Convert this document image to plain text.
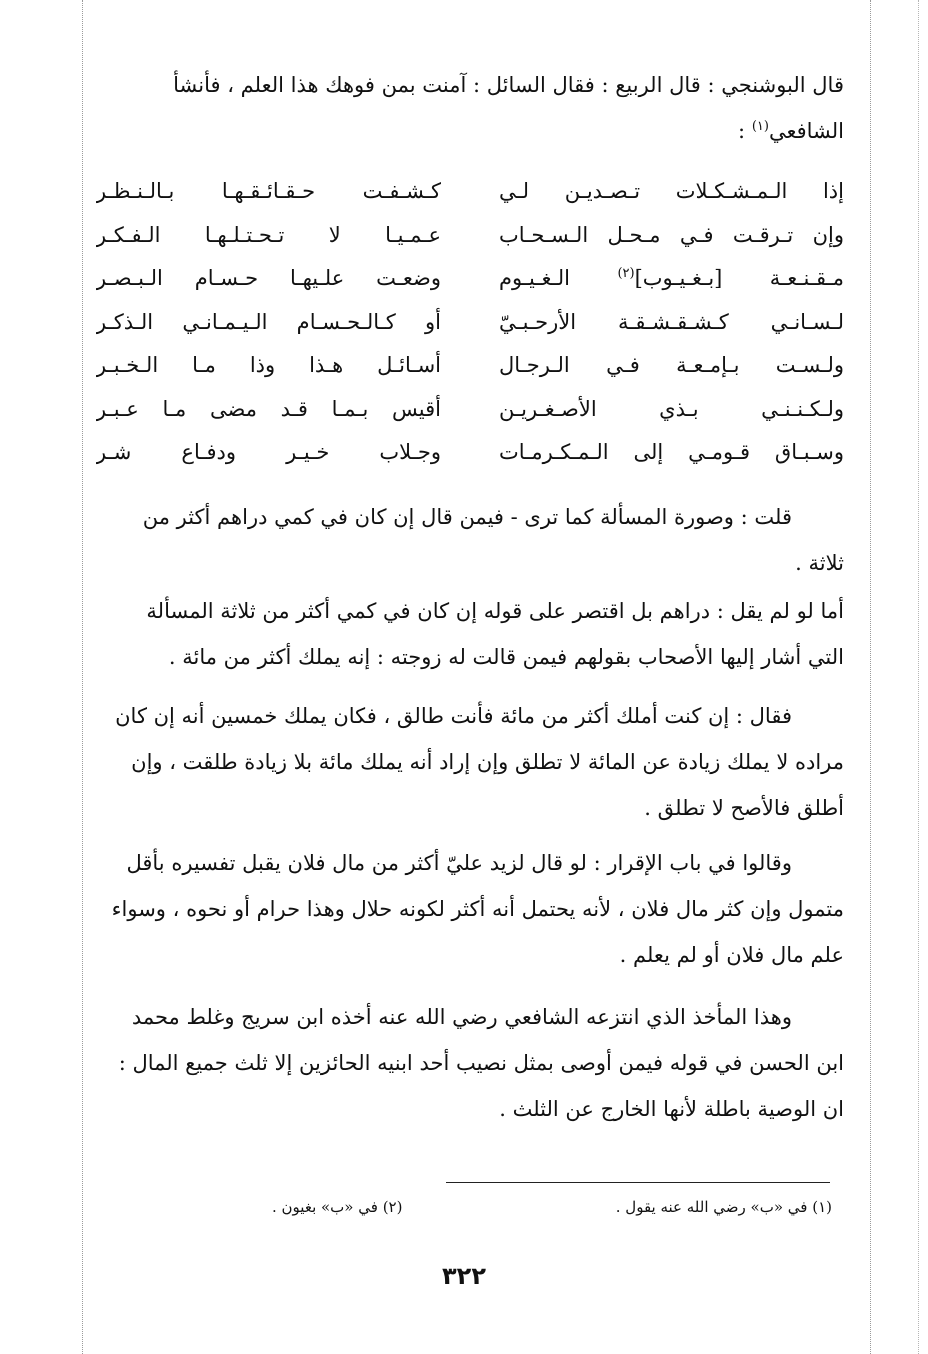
قال البوشنجي : قال الربيع : فقال السائل : آمنت بمن فوهك هذا العلم ، فأنشأ
الشافعي$^{(١)}$ :
إذا الـمـشـكـلات تـصـديـن لـي
كـشـفـت حـقـائـقـهـا بـالـنـظـر
وإن تـرقـت فـي مـحـل الـسـحـاب
عـمـيـا لا تـحـتـلـهـا الـفـكـر
مـقـنـعـة [بـغـيـوب]$^{(٢)}$ الـغـيـوم
وضعـت علـيهـا حـسـام الـبـصـر
لـسـانـي كـشـقـشـقـة الأرحـبـيّ
أو كـالـحـسـام الـيـمـانـي الـذكـر
ولـسـت بـإمـعـة فـي الـرجـال
أسـائـل هـذا وذا مـا الـخـبـر
ولـكـنـنـي بـذي الأصـغـريـن
أقيس بـمـا قـد مضى مـا عـبـر
وسـبـاق قـومـي إلى الـمـكـرمـات
وجـلاب خـيـر ودفـاع شـر
قلت : وصورة المسألة كما ترى - فيمن قال إن كان في كمي دراهم أكثر من
ثلاثة .
أما لو لم يقل : دراهم بل اقتصر على قوله إن كان في كمي أكثر من ثلاثة المسألة
التي أشار إليها الأصحاب بقولهم فيمن قالت له زوجته : إنه يملك أكثر من مائة .
فقال : إن كنت أملك أكثر من مائة فأنت طالق ، فكان يملك خمسين أنه إن كان
مراده لا يملك زيادة عن المائة لا تطلق وإن إراد أنه يملك مائة بلا زيادة طلقت ، وإن
أطلق فالأصح لا تطلق .
وقالوا في باب الإقرار : لو قال لزيد عليّ أكثر من مال فلان يقبل تفسيره بأقل
متمول وإن كثر مال فلان ، لأنه يحتمل أنه أكثر لكونه حلال وهذا حرام أو نحوه ، وسواء
علم مال فلان أو لم يعلم .
وهذا المأخذ الذي انتزعه الشافعي رضي الله عنه أخذه ابن سريج وغلط محمد
ابن الحسن في قوله فيمن أوصى بمثل نصيب أحد ابنيه الحائزين إلا ثلث جميع المال :
ان الوصية باطلة لأنها الخارج عن الثلث .
(١) في «ب» رضي الله عنه يقول .
(٢) في «ب» بغيون .
٣٢٢
